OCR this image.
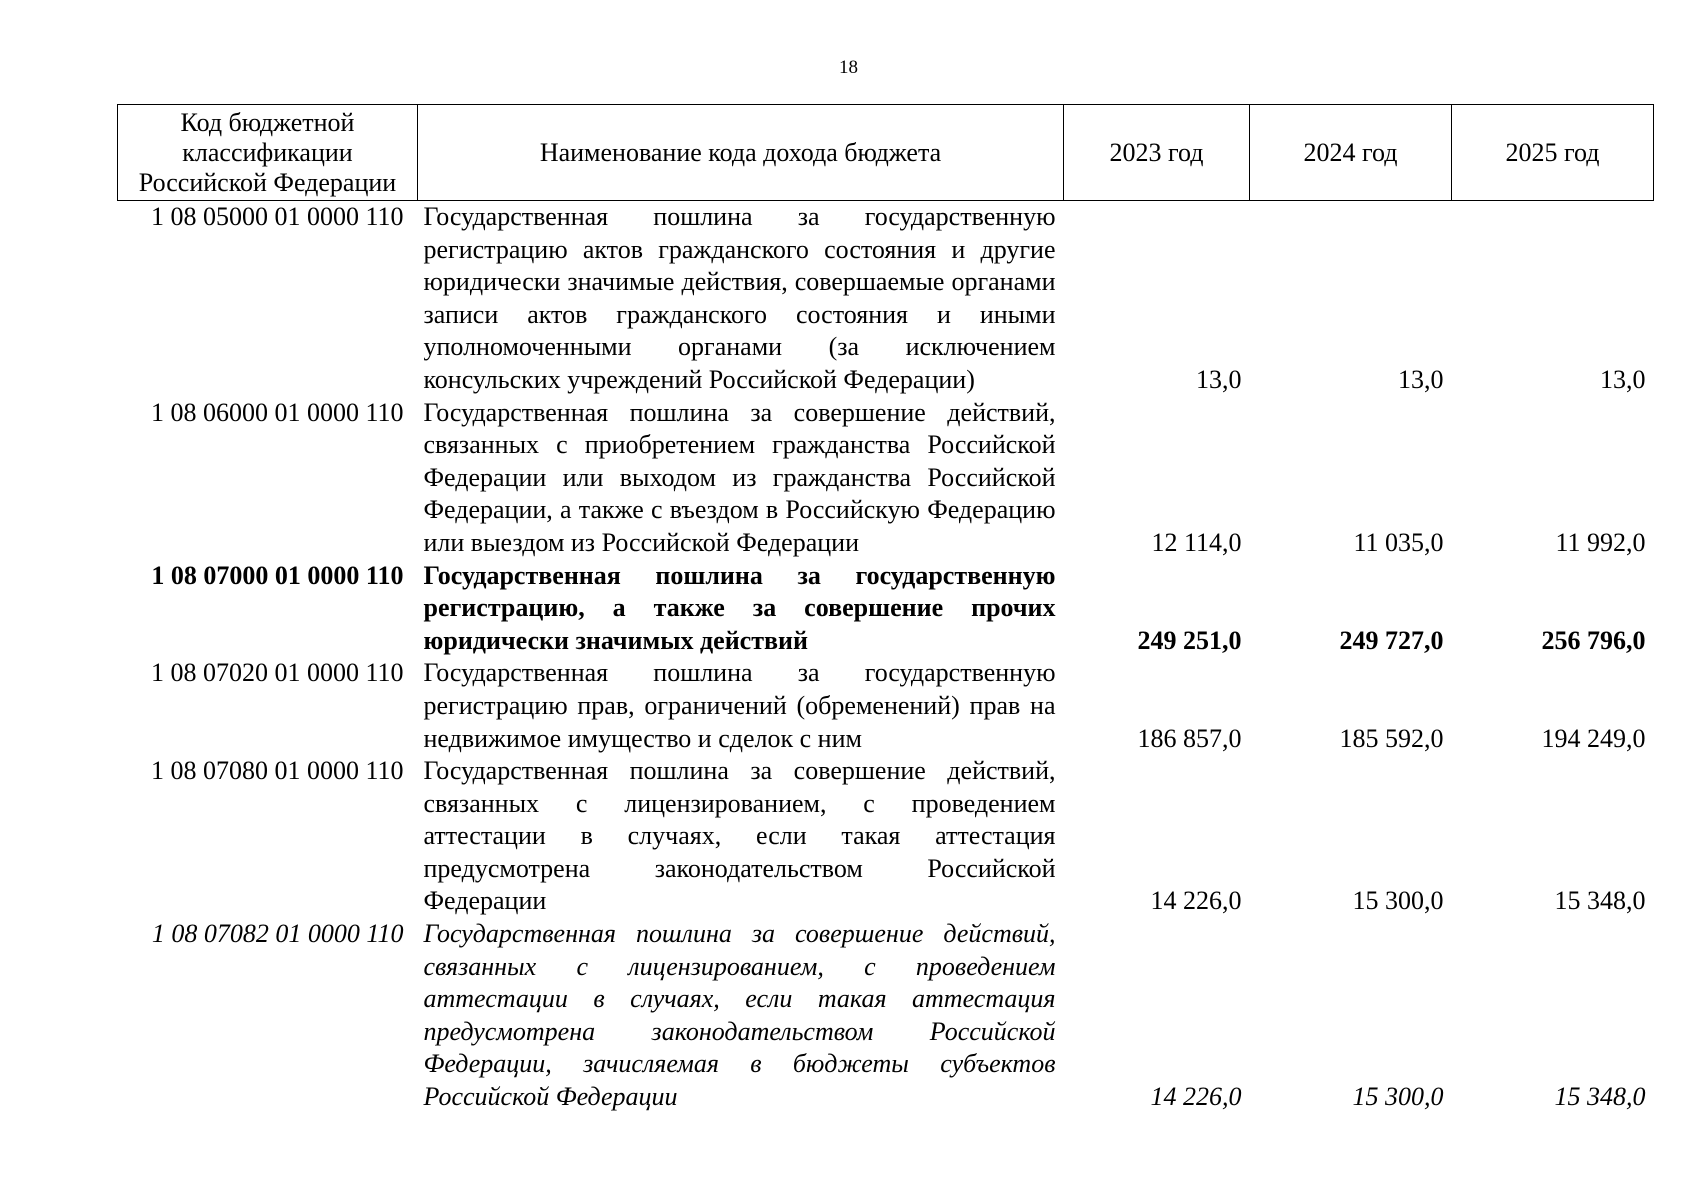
18
Код бюджетной классификации Российской Федерации	Наименование кода дохода бюджета	2023 год	2024 год	2025 год
1 08 05000 01 0000 110	Государственная пошлина за государственную регистрацию актов гражданского состояния и другие юридически значимые действия, совершаемые органами записи актов гражданского состояния и иными уполномоченными органами (за исключением консульских учреждений Российской Федерации)	13,0	13,0	13,0
1 08 06000 01 0000 110	Государственная пошлина за совершение действий, связанных с приобретением гражданства Российской Федерации или выходом из гражданства Российской Федерации, а также с въездом в Российскую Федерацию или выездом из Российской Федерации	12 114,0	11 035,0	11 992,0
1 08 07000 01 0000 110	Государственная пошлина за государственную регистрацию, а также за совершение прочих юридически значимых действий	249 251,0	249 727,0	256 796,0
1 08 07020 01 0000 110	Государственная пошлина за государственную регистрацию прав, ограничений (обременений) прав на недвижимое имущество и сделок с ним	186 857,0	185 592,0	194 249,0
1 08 07080 01 0000 110	Государственная пошлина за совершение действий, связанных с лицензированием, с проведением аттестации в случаях, если такая аттестация предусмотрена законодательством Российской Федерации	14 226,0	15 300,0	15 348,0
1 08 07082 01 0000 110	Государственная пошлина за совершение действий, связанных с лицензированием, с проведением аттестации в случаях, если такая аттестация предусмотрена законодательством Российской Федерации, зачисляемая в бюджеты субъектов Российской Федерации	14 226,0	15 300,0	15 348,0
